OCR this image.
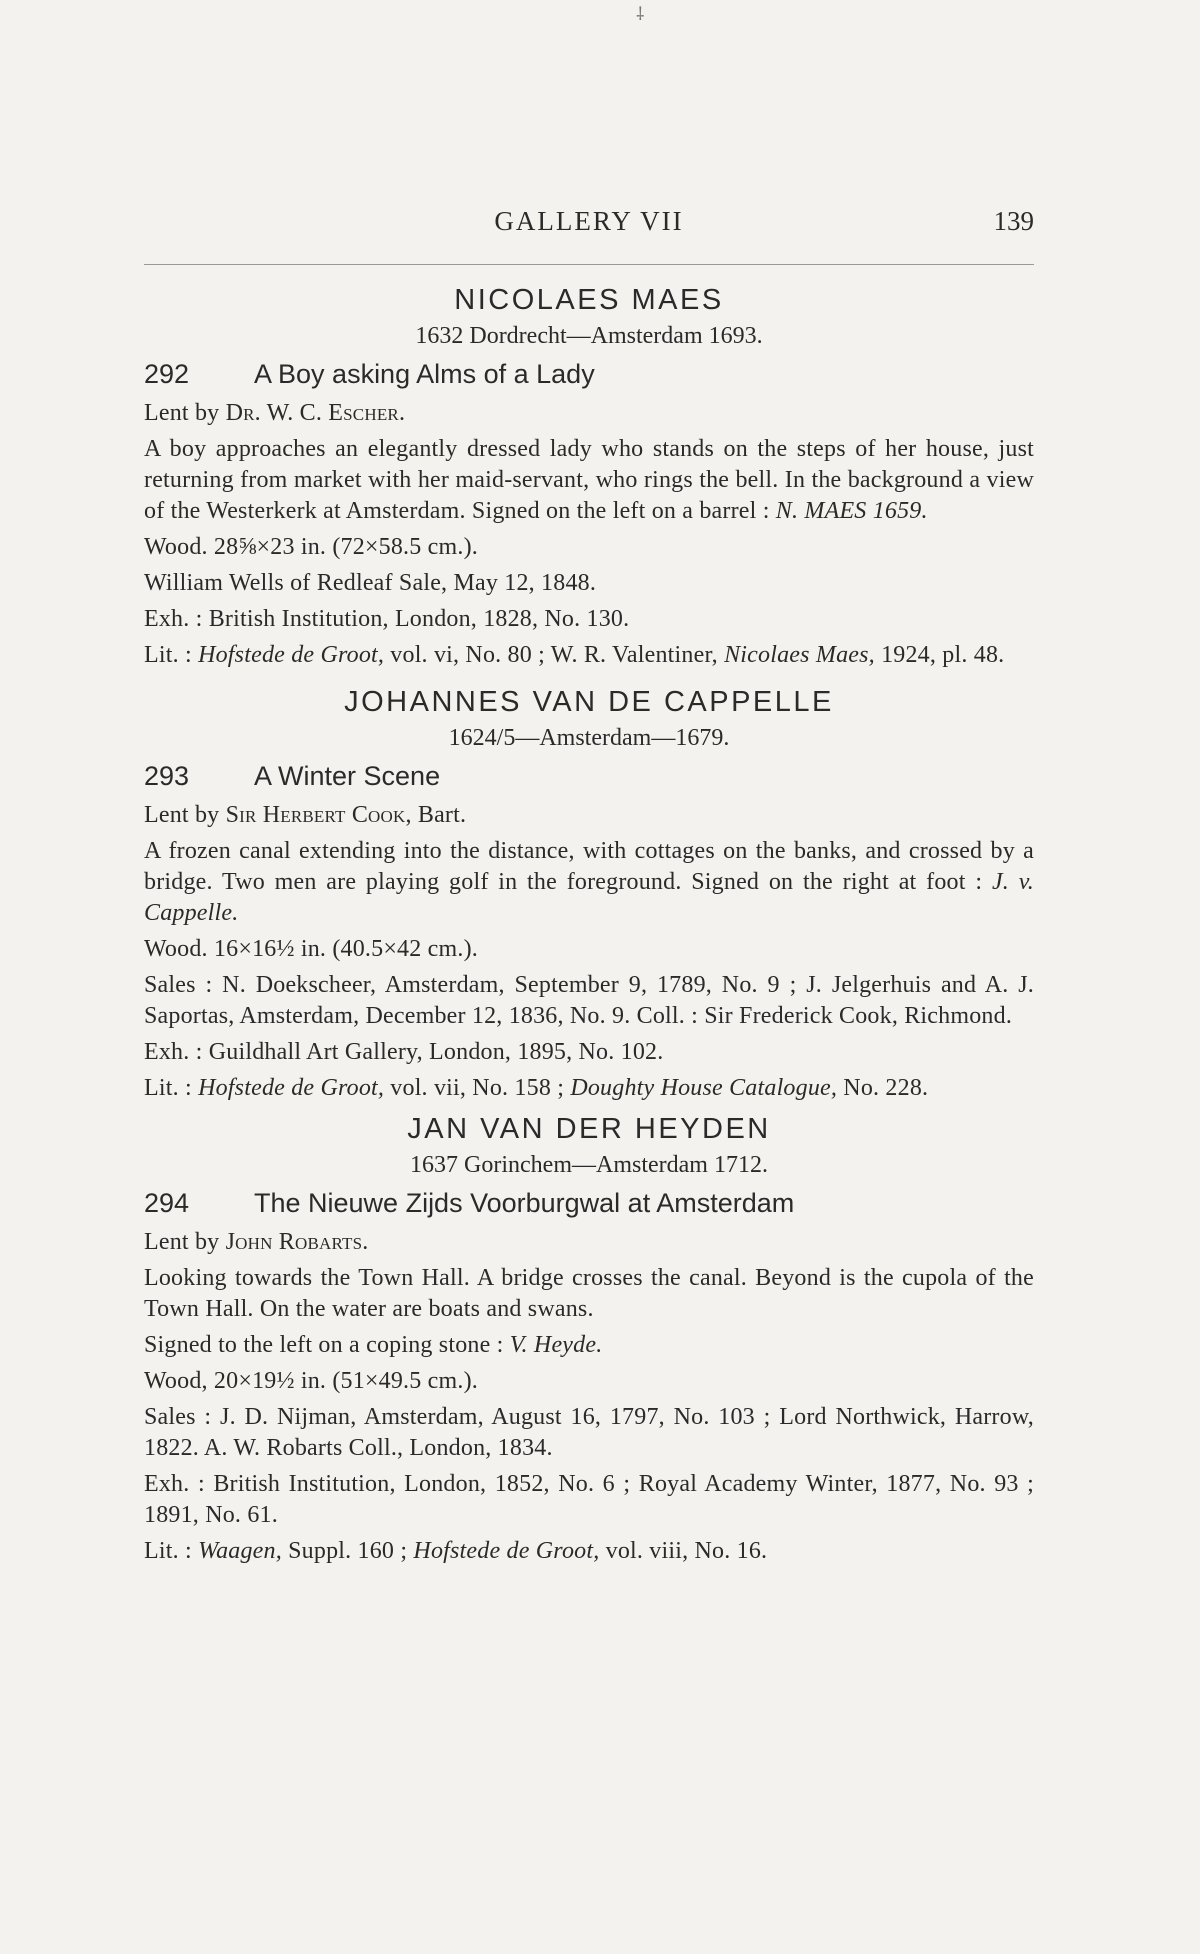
⸸
GALLERY VII	139
NICOLAES MAES
1632 Dordrecht—Amsterdam 1693.
292 A Boy asking Alms of a Lady

Lent by Dr. W. C. Escher.

A boy approaches an elegantly dressed lady who stands on the steps of her house, just returning from market with her maid-servant, who rings the bell. In the background a view of the Westerkerk at Amsterdam. Signed on the left on a barrel : N. MAES 1659.

Wood. 28⅝×23 in. (72×58.5 cm.).

William Wells of Redleaf Sale, May 12, 1848.

Exh. : British Institution, London, 1828, No. 130.

Lit. : Hofstede de Groot, vol. vi, No. 80 ; W. R. Valentiner, Nicolaes Maes, 1924, pl. 48.

JOHANNES VAN DE CAPPELLE
1624/5—Amsterdam—1679.
293 A Winter Scene

Lent by Sir Herbert Cook, Bart.

A frozen canal extending into the distance, with cottages on the banks, and crossed by a bridge. Two men are playing golf in the foreground. Signed on the right at foot : J. v. Cappelle.

Wood. 16×16½ in. (40.5×42 cm.).

Sales : N. Doekscheer, Amsterdam, September 9, 1789, No. 9 ; J. Jelgerhuis and A. J. Saportas, Amsterdam, December 12, 1836, No. 9. Coll. : Sir Frederick Cook, Richmond.

Exh. : Guildhall Art Gallery, London, 1895, No. 102.

Lit. : Hofstede de Groot, vol. vii, No. 158 ; Doughty House Catalogue, No. 228.

JAN VAN DER HEYDEN
1637 Gorinchem—Amsterdam 1712.
294 The Nieuwe Zijds Voorburgwal at Amsterdam

Lent by John Robarts.

Looking towards the Town Hall. A bridge crosses the canal. Beyond is the cupola of the Town Hall. On the water are boats and swans.

Signed to the left on a coping stone : V. Heyde.

Wood, 20×19½ in. (51×49.5 cm.).

Sales : J. D. Nijman, Amsterdam, August 16, 1797, No. 103 ; Lord Northwick, Harrow, 1822. A. W. Robarts Coll., London, 1834.

Exh. : British Institution, London, 1852, No. 6 ; Royal Academy Winter, 1877, No. 93 ; 1891, No. 61.

Lit. : Waagen, Suppl. 160 ; Hofstede de Groot, vol. viii, No. 16.
